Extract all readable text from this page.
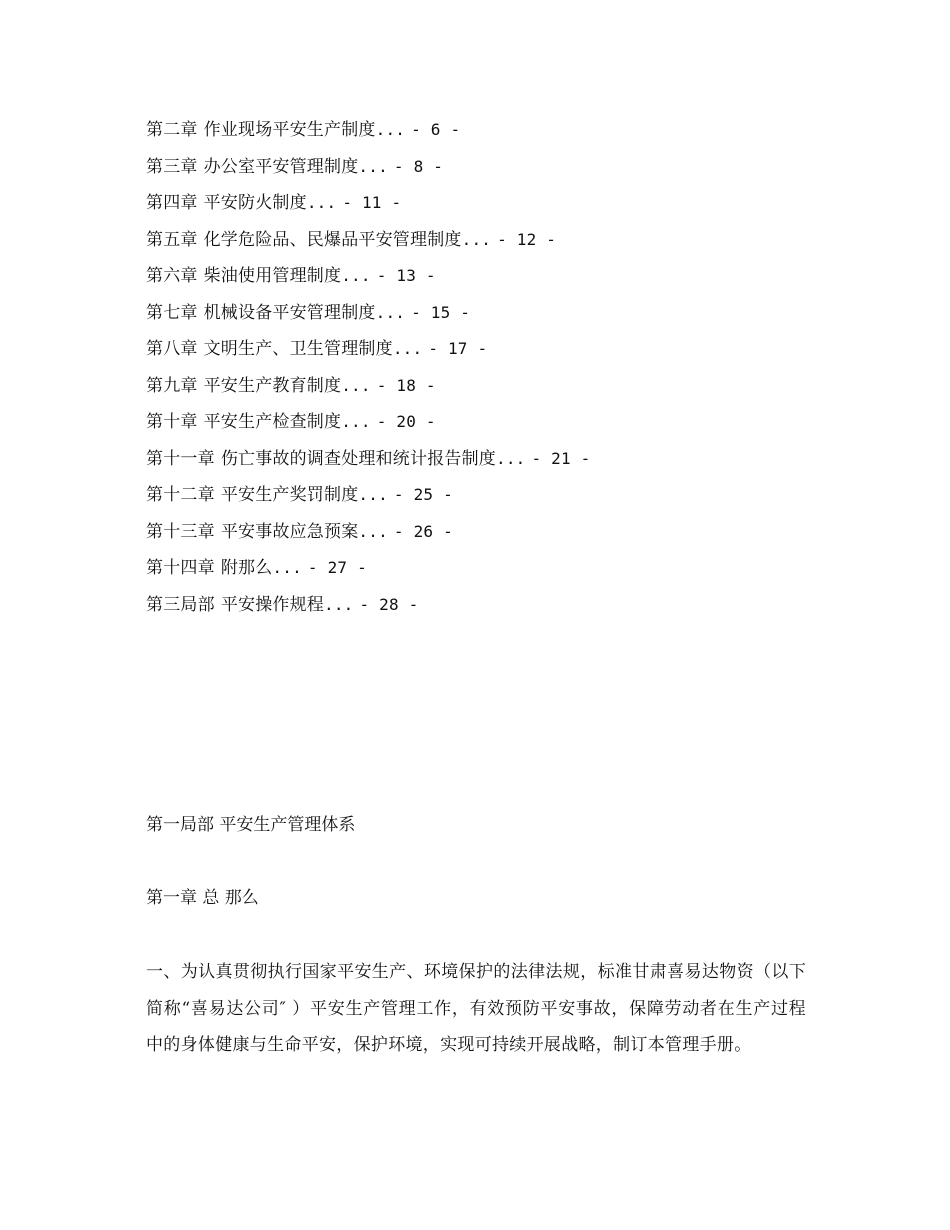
第二章 作业现场平安生产制度... - 6 -
第三章 办公室平安管理制度... - 8 -
第四章 平安防火制度... - 11 -
第五章 化学危险品、民爆品平安管理制度... - 12 -
第六章 柴油使用管理制度... - 13 -
第七章 机械设备平安管理制度... - 15 -
第八章 文明生产、卫生管理制度... - 17 -
第九章 平安生产教育制度... - 18 -
第十章 平安生产检查制度... - 20 -
第十一章 伤亡事故的调查处理和统计报告制度... - 21 -
第十二章 平安生产奖罚制度... - 25 -
第十三章 平安事故应急预案... - 26 -
第十四章 附那么... - 27 -
第三局部 平安操作规程... - 28 -
第一局部 平安生产管理体系
第一章 总 那么
一、为认真贯彻执行国家平安生产、环境保护的法律法规，标准甘肃喜易达物资（以下简称“喜易达公司″ ）平安生产管理工作，有效预防平安事故，保障劳动者在生产过程中的身体健康与生命平安，保护环境，实现可持续开展战略，制订本管理手册。
